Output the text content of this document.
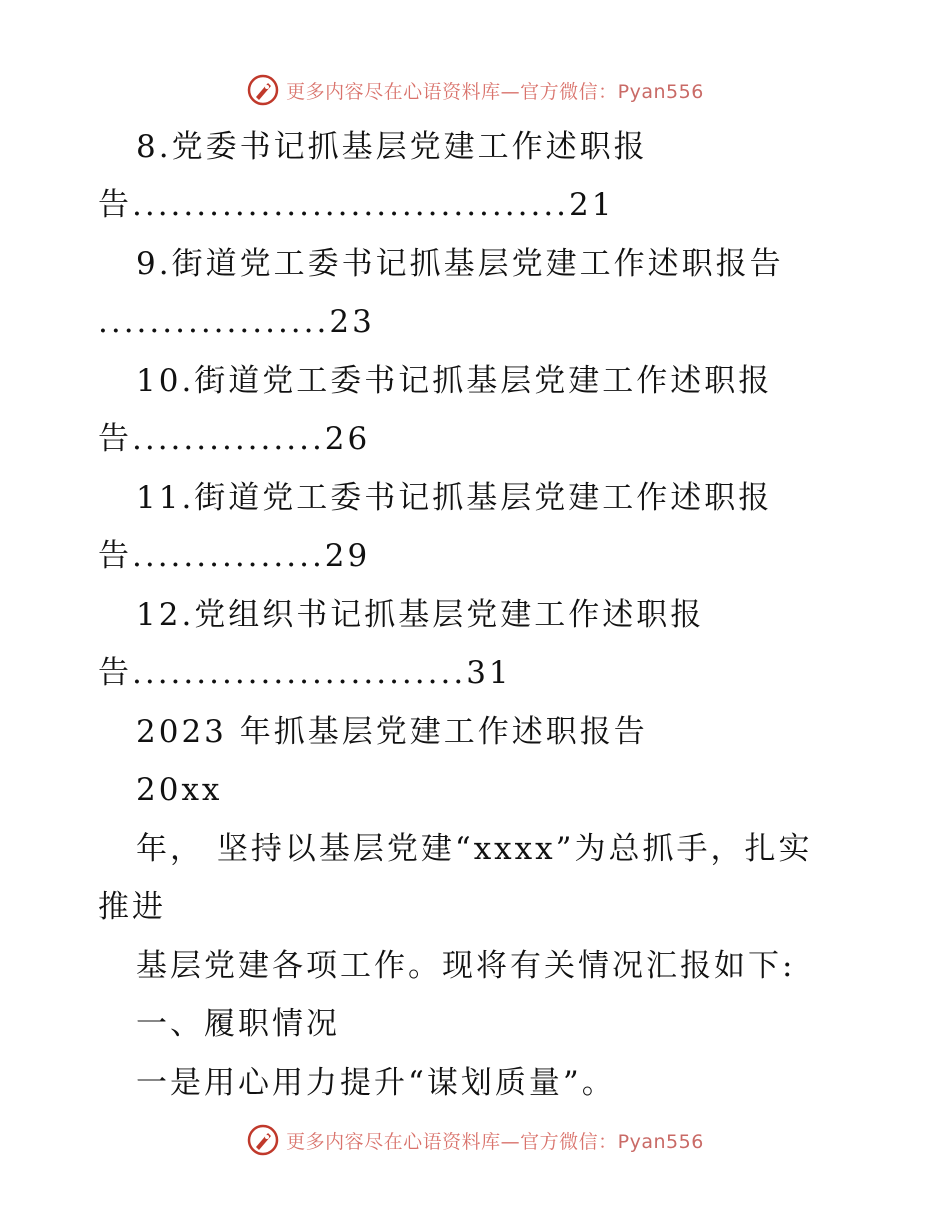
更多内容尽在心语资料库—官方微信：Pyan556
8.党委书记抓基层党建工作述职报
告..................................21
9.街道党工委书记抓基层党建工作述职报告
..................23
10.街道党工委书记抓基层党建工作述职报
告...............26
11.街道党工委书记抓基层党建工作述职报
告...............29
12.党组织书记抓基层党建工作述职报
告..........................31
2023 年抓基层党建工作述职报告
20xx
年， 坚持以基层党建“xxxx”为总抓手，扎实
推进
基层党建各项工作。现将有关情况汇报如下:
一、履职情况
一是用心用力提升“谋划质量”。
更多内容尽在心语资料库—官方微信：Pyan556
